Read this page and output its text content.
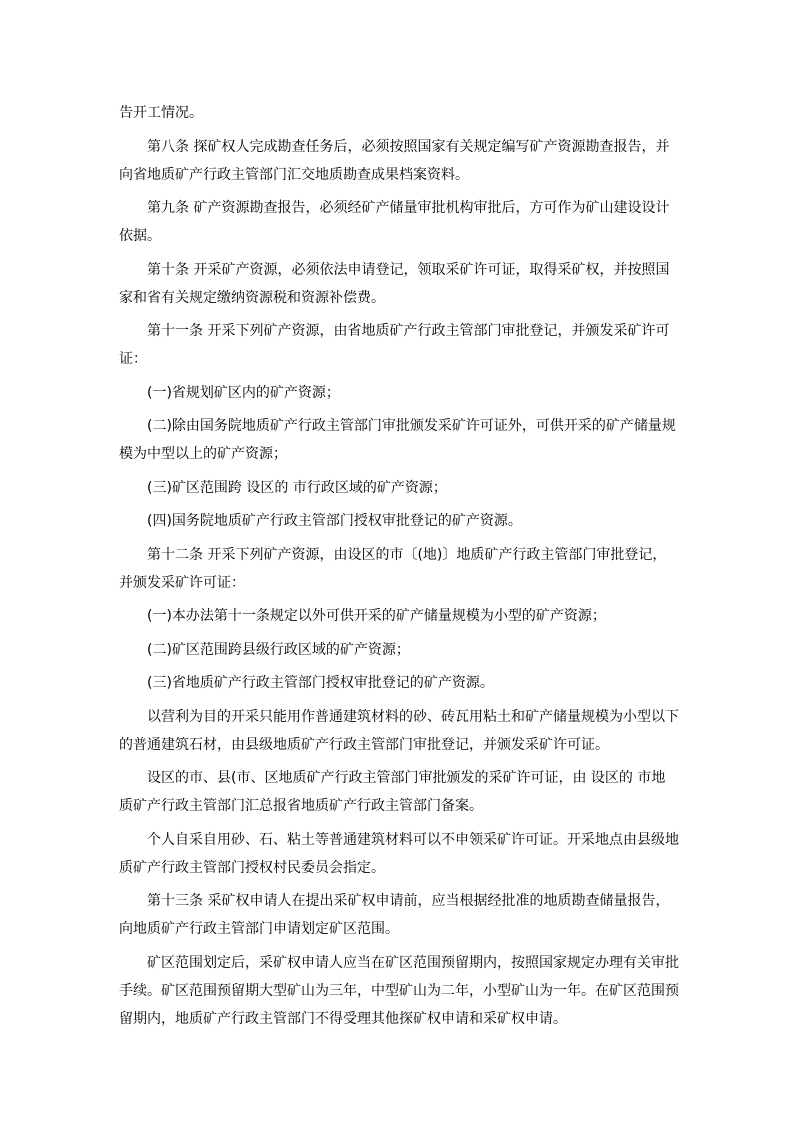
告开工情况。
第八条 探矿权人完成勘查任务后，必须按照国家有关规定编写矿产资源勘查报告，并
向省地质矿产行政主管部门汇交地质勘查成果档案资料。
第九条 矿产资源勘查报告，必须经矿产储量审批机构审批后，方可作为矿山建设设计
依据。
第十条 开采矿产资源，必须依法申请登记，领取采矿许可证，取得采矿权，并按照国
家和省有关规定缴纳资源税和资源补偿费。
第十一条 开采下列矿产资源，由省地质矿产行政主管部门审批登记，并颁发采矿许可
证：
(一)省规划矿区内的矿产资源；
(二)除由国务院地质矿产行政主管部门审批颁发采矿许可证外，可供开采的矿产储量规
模为中型以上的矿产资源；
(三)矿区范围跨 设区的 市行政区域的矿产资源；
(四)国务院地质矿产行政主管部门授权审批登记的矿产资源。
第十二条 开采下列矿产资源，由设区的市〔(地)〕地质矿产行政主管部门审批登记，
并颁发采矿许可证：
(一)本办法第十一条规定以外可供开采的矿产储量规模为小型的矿产资源；
(二)矿区范围跨县级行政区域的矿产资源；
(三)省地质矿产行政主管部门授权审批登记的矿产资源。
以营利为目的开采只能用作普通建筑材料的砂、砖瓦用粘土和矿产储量规模为小型以下
的普通建筑石材，由县级地质矿产行政主管部门审批登记，并颁发采矿许可证。
设区的市、县(市、区地质矿产行政主管部门审批颁发的采矿许可证，由 设区的 市地
质矿产行政主管部门汇总报省地质矿产行政主管部门备案。
个人自采自用砂、石、粘土等普通建筑材料可以不申领采矿许可证。开采地点由县级地
质矿产行政主管部门授权村民委员会指定。
第十三条 采矿权申请人在提出采矿权申请前，应当根据经批准的地质勘查储量报告，
向地质矿产行政主管部门申请划定矿区范围。
矿区范围划定后，采矿权申请人应当在矿区范围预留期内，按照国家规定办理有关审批
手续。矿区范围预留期大型矿山为三年，中型矿山为二年，小型矿山为一年。在矿区范围预
留期内，地质矿产行政主管部门不得受理其他探矿权申请和采矿权申请。
